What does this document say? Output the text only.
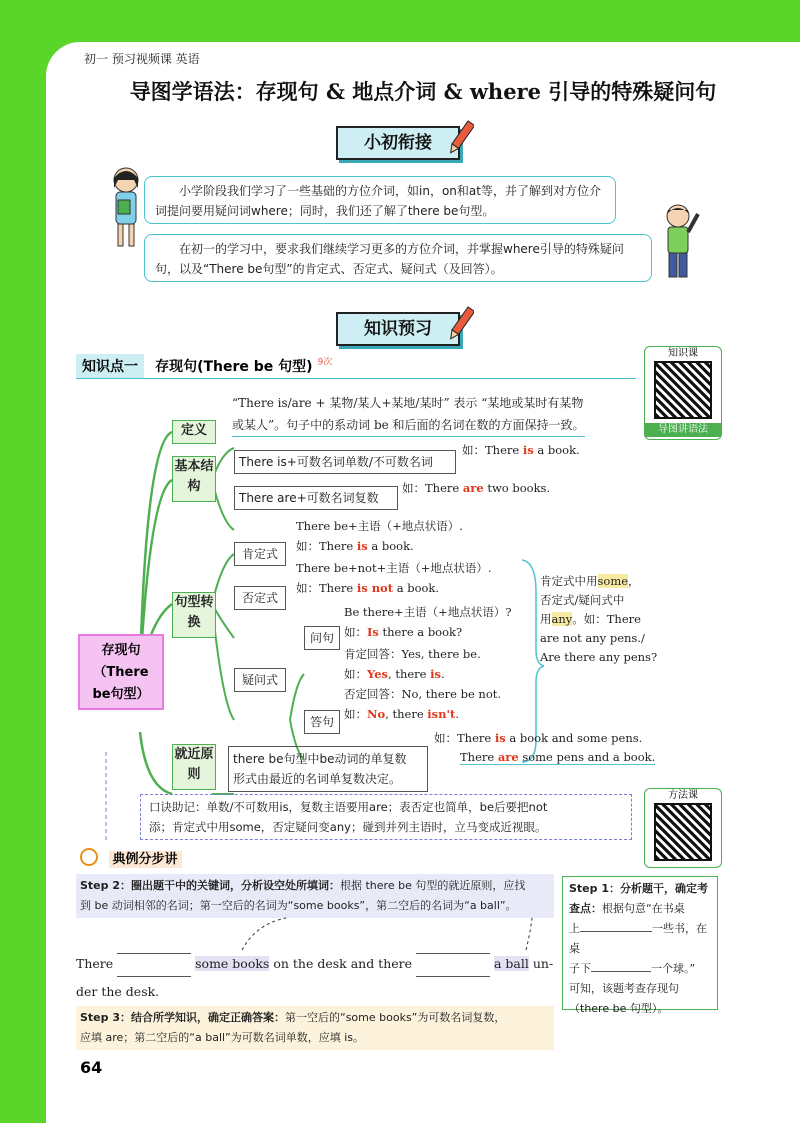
初一 预习视频课 英语
导图学语法：存现句 & 地点介词 & where 引导的特殊疑问句
小初衔接
小学阶段我们学习了一些基础的方位介词，如in，on和at等，并了解到对方位介词提问要用疑问词where；同时，我们还了解了there be句型。
在初一的学习中，要求我们继续学习更多的方位介词，并掌握where引导的特殊疑问句，以及“There be句型”的肯定式、否定式、疑问式（及回答）。
知识预习
知识点一 存现句(There be 句型) $^{9次}$
知识课
导图讲语法
存现句（There be句型）
定义
“There is/are + 某物/某人+某地/某时” 表示 “某地或某时有某物
或某人”。句子中的系动词 be 和后面的名词在数的方面保持一致。
基本结构
There is+可数名词单数/不可数名词
如：There is a book.
There are+可数名词复数
如：There are two books.
句型转换
肯定式
There be+主语（+地点状语）.
如：There is a book.
否定式
There be+not+主语（+地点状语）.
如：There is not a book.
疑问式
问句
Be there+主语（+地点状语）?
如：Is there a book?
答句
肯定回答：Yes, there be.
如：Yes, there is.
否定回答：No, there be not.
如：No, there isn't.
肯定式中用some，
否定式/疑问式中
用any。如：There
are not any pens./
Are there any pens?
就近原则
there be句型中be动词的单复数
形式由最近的名词单复数决定。
如：There is a book and some pens.
There are some pens and a book.
口诀助记：单数/不可数用is，复数主语要用are；表否定也简单，be后要把not
添；肯定式中用some，否定疑问变any；碰到并列主语时，立马变成近视眼。
方法课
典例分步讲
Step 2：圈出题干中的关键词，分析设空处所填词：根据 there be 句型的就近原则，应找
到 be 动词相邻的名词；第一空后的名词为“some books”，第二空后的名词为“a ball”。
There	some books on the desk and there	a ball un-
der the desk.
Step 3：结合所学知识，确定正确答案：第一空后的“some books”为可数名词复数，
应填 are；第二空后的“a ball”为可数名词单数，应填 is。
Step 1：分析题干，确定考
查点：根据句意“在书桌
上	一些书，在桌
子下	一个球。”
可知，该题考查存现句
（there be 句型）。
64
